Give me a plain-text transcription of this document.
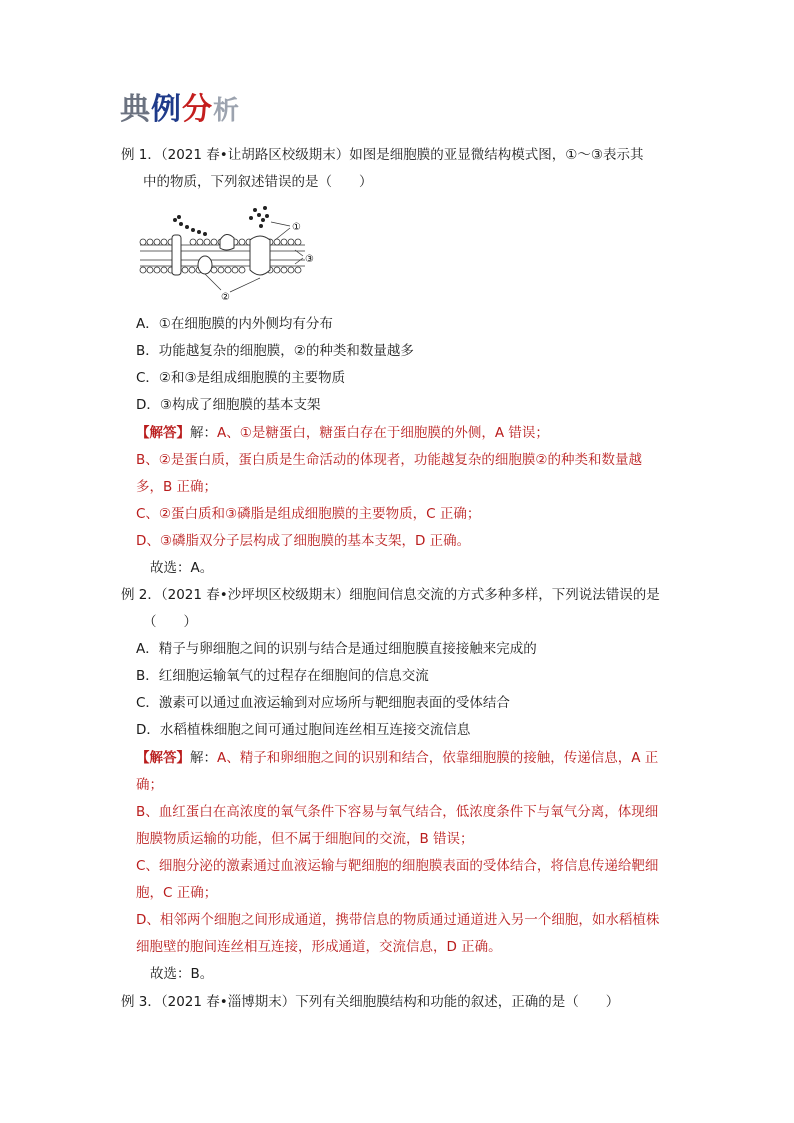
典例分析
例 1．（2021 春•让胡路区校级期末）如图是细胞膜的亚显微结构模式图，①～③表示其
中的物质，下列叙述错误的是（　　）
①
③
②
A．①在细胞膜的内外侧均有分布
B．功能越复杂的细胞膜，②的种类和数量越多
C．②和③是组成细胞膜的主要物质
D．③构成了细胞膜的基本支架
【解答】解：A、①是糖蛋白，糖蛋白存在于细胞膜的外侧，A 错误；
B、②是蛋白质，蛋白质是生命活动的体现者，功能越复杂的细胞膜②的种类和数量越
多，B 正确；
C、②蛋白质和③磷脂是组成细胞膜的主要物质，C 正确；
D、③磷脂双分子层构成了细胞膜的基本支架，D 正确。
故选：A。
例 2．（2021 春•沙坪坝区校级期末）细胞间信息交流的方式多种多样，下列说法错误的是
（　　）
A．精子与卵细胞之间的识别与结合是通过细胞膜直接接触来完成的
B．红细胞运输氧气的过程存在细胞间的信息交流
C．激素可以通过血液运输到对应场所与靶细胞表面的受体结合
D．水稻植株细胞之间可通过胞间连丝相互连接交流信息
【解答】解：A、精子和卵细胞之间的识别和结合，依靠细胞膜的接触，传递信息，A 正
确；
B、血红蛋白在高浓度的氧气条件下容易与氧气结合，低浓度条件下与氧气分离，体现细
胞膜物质运输的功能，但不属于细胞间的交流，B 错误；
C、细胞分泌的激素通过血液运输与靶细胞的细胞膜表面的受体结合，将信息传递给靶细
胞，C 正确；
D、相邻两个细胞之间形成通道，携带信息的物质通过通道进入另一个细胞，如水稻植株
细胞壁的胞间连丝相互连接，形成通道，交流信息，D 正确。
故选：B。
例 3．（2021 春•淄博期末）下列有关细胞膜结构和功能的叙述，正确的是（　　）
